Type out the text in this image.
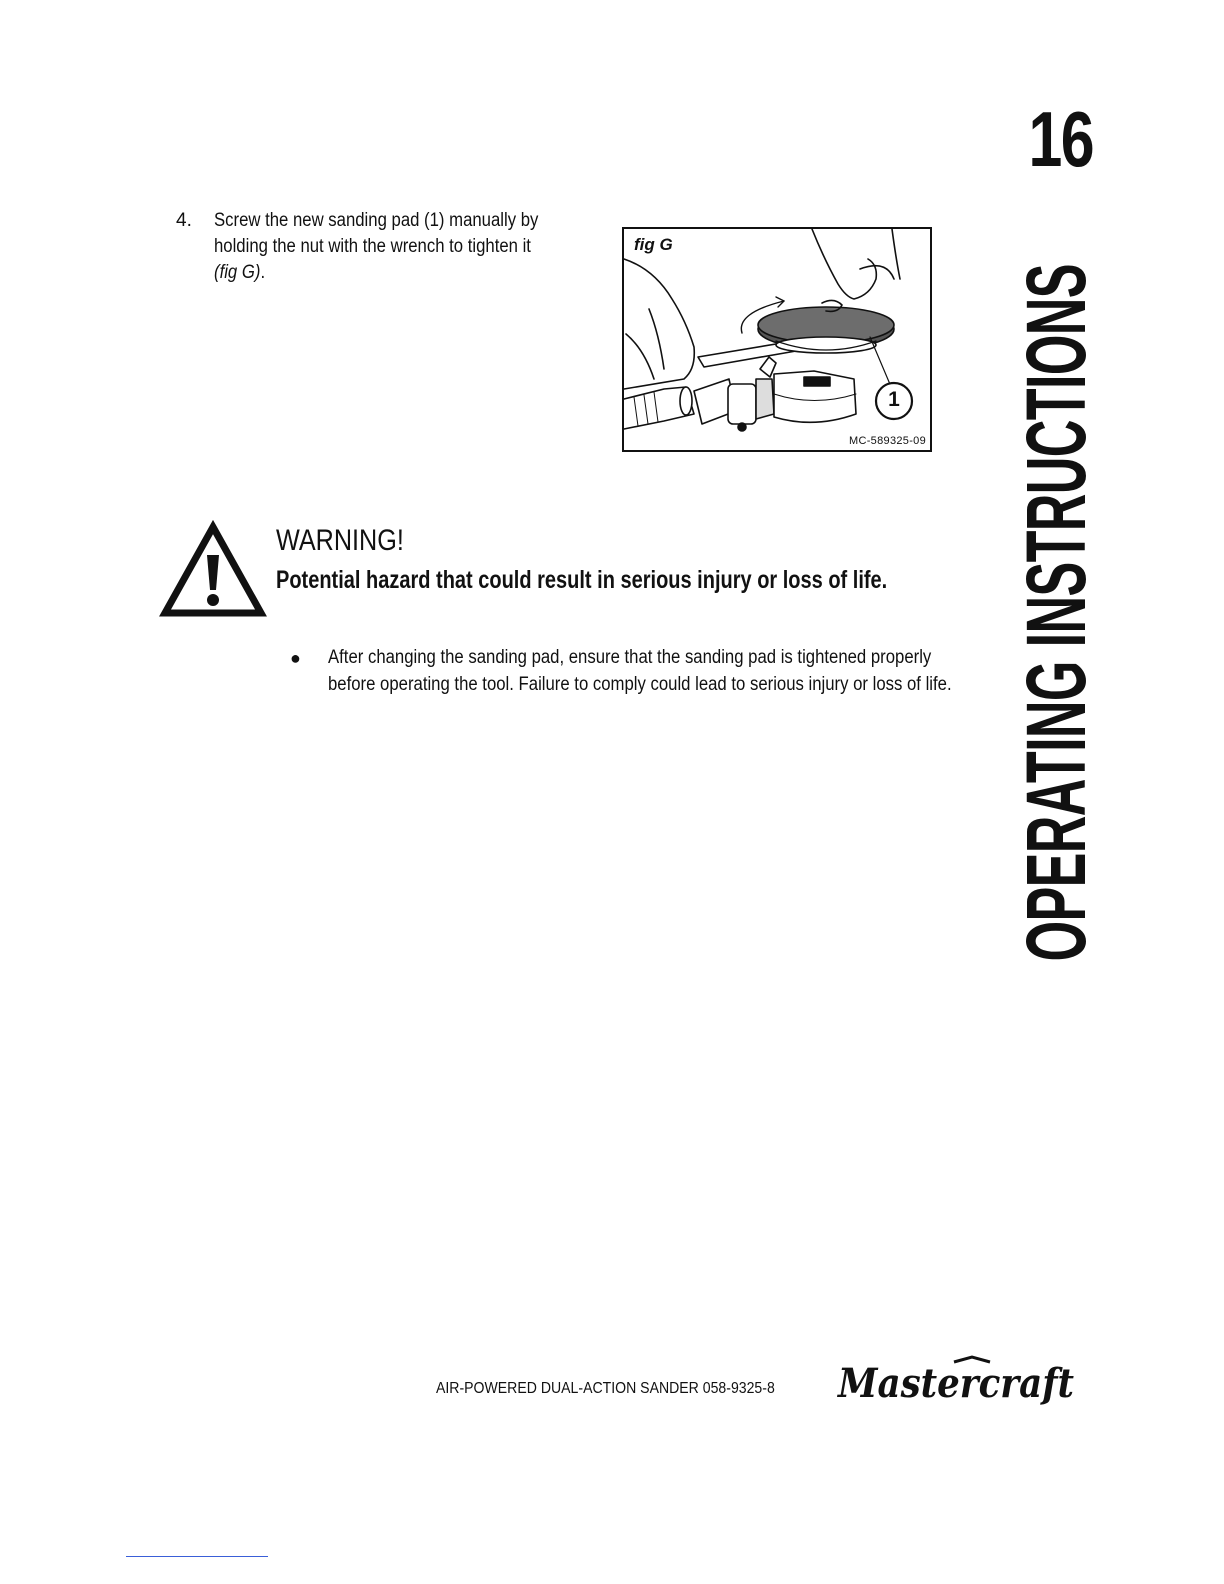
16
OPERATING INSTRUCTIONS
4. Screw the new sanding pad (1) manually by holding the nut with the wrench to tighten it (fig G).
fig G
1
MC-589325-09
WARNING!
Potential hazard that could result in serious injury or loss of life.
● After changing the sanding pad, ensure that the sanding pad is tightened properly before operating the tool. Failure to comply could lead to serious injury or loss of life.
AIR-POWERED DUAL-ACTION SANDER 058-9325-8 Mastercraft
